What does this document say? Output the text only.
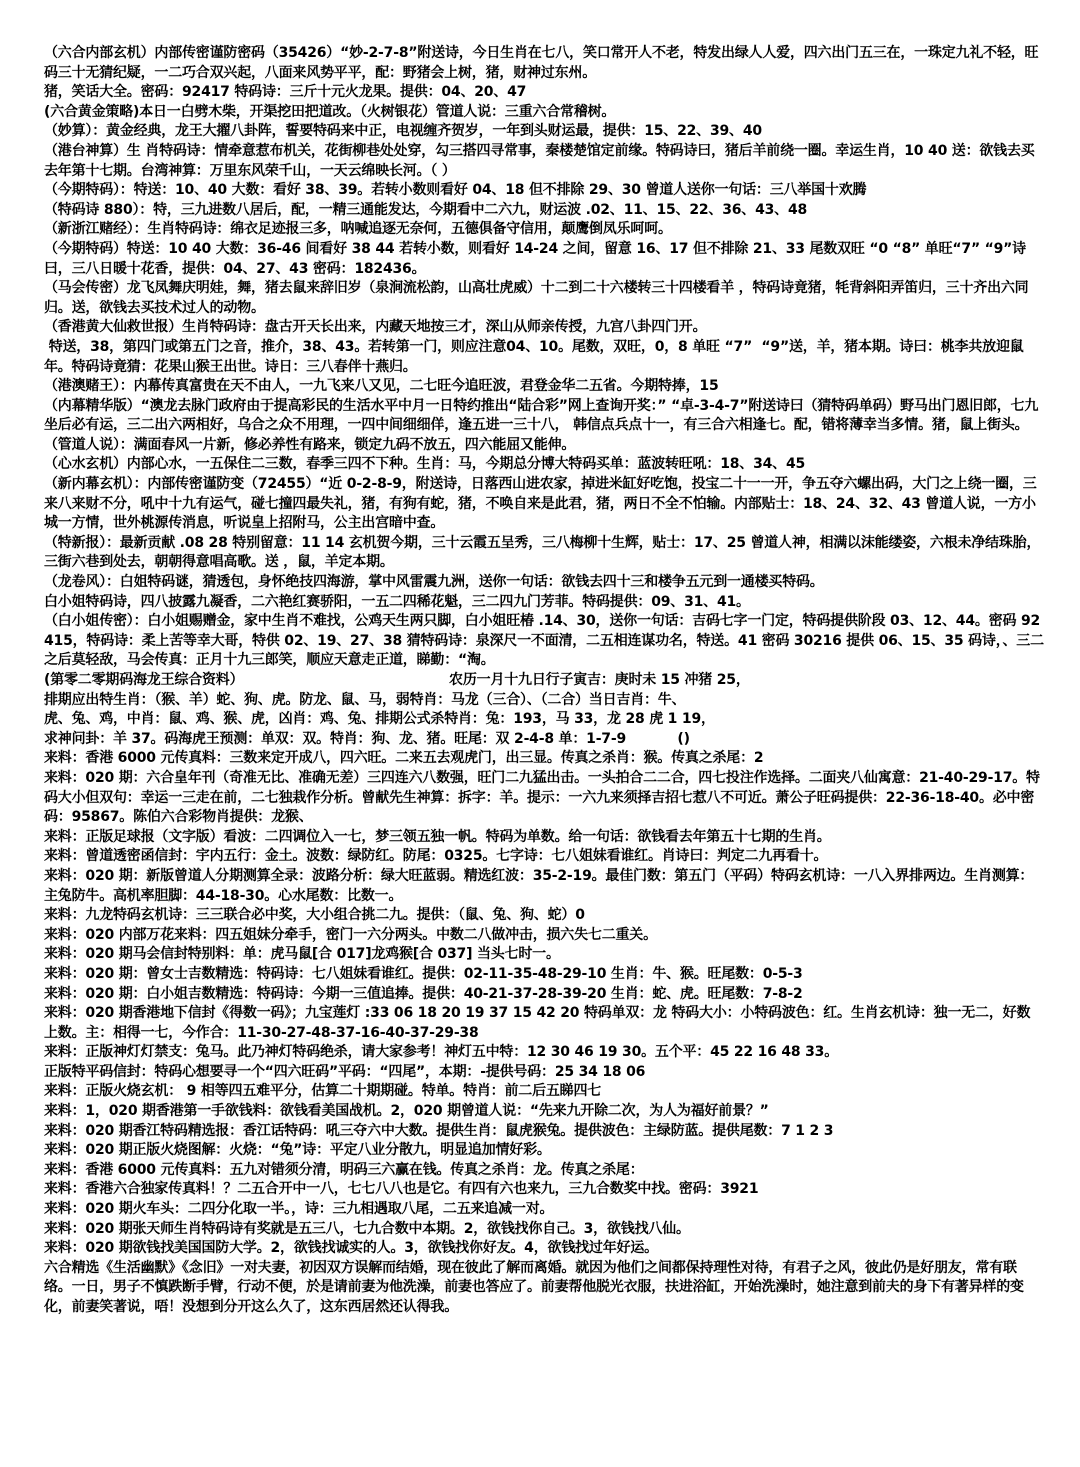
（六合内部玄机）内部传密谨防密码（35426）“妙-2-7-8”附送诗，今日生肖在七八，笑口常开人不老，特发出绿人人爱，四六出门五三在，一珠定九礼不轻，旺码三十无猜纪疑，一二巧合双兴起，八面来风势平平，配：野猪会上树，猪，财神过东州。

猪，笑话大全。密码：92417 特码诗：三斤十元火龙果。提供：04、20、47

(六合黄金策略)本日一白劈木柴，开渠挖田把道改。（火树银花）管道人说：三重六合常稽树。

（妙算）：黄金经典，龙王大擢八卦阵，誓要特码来中正，电视缠齐贺岁，一年到头财运最，提供：15、22、39、40

（港台神算）生 肖特码诗：情牵意惹布机关，花街柳巷处处穿，勾三搭四寻常事，秦楼楚馆定前缘。特码诗曰，猪后羊前绕一圈。幸运生肖，10 40 送：欲钱去买去年第十七期。台湾神算：万里东风荣千山，一天云绵映长河。（ ）

（今期特码）：特送：10、40 大数：看好 38、39。若转小数则看好 04、18 但不排除 29、30 曾道人送你一句话：三八举国十欢腾

（特码诗 880）：特，三九进数八居后，配，一精三通能发达，今期看中二六九，财运波 .02、11、15、22、36、43、48

（新浙江赌经）：生肖特码诗：绵衣足迹报三多，呐喊追逐无奈何，五德俱备守信用，颠鹰倒凤乐呵呵。

（今期特码）特送：10 40 大数：36-46 间看好 38 44 若转小数，则看好 14-24 之间，留意 16、17 但不排除 21、33 尾数双旺 “0 “8” 单旺“7” “9”诗曰，三八日暖十花香，提供：04、27、43 密码：182436。

（马会传密）龙飞凤舞庆明娃，舞，猪去鼠来辞旧岁（泉涧流松韵，山高壮虎威）十二到二十六楼转三十四楼看羊 ，特码诗竟猪，牦背斜阳弄笛归，三十齐出六同归。送，欲钱去买技术过人的动物。

（香港黄大仙救世报）生肖特码诗：盘古开天长出来，内藏天地按三才，深山从师亲传授，九宫八卦四门开。

特送，38，第四门或第五门之音，推介，38、43。若转第一门，则应注意04、10。尾数，双旺，0，8 单旺 “7”  “9”送，羊，猪本期。诗曰：桃李共放迎鼠年。特码诗竟猜：花果山猴王出世。诗日：三八春伴十燕归。

（港澳赌王）：内幕传真富贵在天不由人，一九飞来八又见，二七旺今追旺波，君登金华二五省。今期特捧，15

（内幕精华版）“澳龙去脉门政府由于提高彩民的生活水平中月一日特约推出“陆合彩”网上查询开奖：” “卓-3-4-7”附送诗曰（猜特码单码）野马出门恩旧郎，七九坐后必有运，三二出六两相好，乌合之众不用理，一四中间细细佯，逢五进一三十八， 韩信点兵点十一，有三合六相逢七。配，错将薄幸当多情。猪，鼠上街头。

（管道人说）：满面春风一片新，修必养性有路来，锁定九码不放五，四六能屈又能伸。

（心水玄机）内部心水，一五保住二三数，春季三四不下种。生肖：马，今期总分博大特码买单：蓝波转旺吼：18、34、45

（新内幕玄机）：内部传密谨防变（72455）“近 0-2-8-9，附送诗，日落西山进农家，掉进米缸好吃饱，投宝二十一一开，争五夺六螺出码，大门之上绕一圈，三来八来财不分，吼中十九有运气，碰七撞四最失礼，猪，有狗有蛇，猪，不唤自来是此君，猪，两日不全不怕输。内部贴士：18、24、32、43 曾道人说，一方小城一方情，世外桃源传消息，听说皇上招附马，公主出宫暗中查。

（特新报）：最新贡献 .08 28 特别留意：11 14 玄机贺今期，三十云霞五呈秀，三八梅柳十生辉，贴士：17、25 曾道人神，相满以沫能缕姿，六根未净结珠胎，三街六巷到处去，朝朝得意唱高歌。送 ，鼠，羊定本期。

（龙卷风）：白姐特码谜，猜透包，身怀绝技四海游，掌中风雷震九洲，送你一句话：欲钱去四十三和楼争五元到一通楼买特码。

白小姐特码诗，四八披露九凝香，二六艳红赛骄阳，一五二四稀花魁，三二四九门芳菲。特码提供：09、31、41。

（白小姐传密）：白小姐赐赠金，家中生肖不难找，公鸡天生两只脚，白小姐旺椿 .14、30，送你一句话：吉码七字一门定，特码提供阶段 03、12、44。密码 92415，特码诗：柔上苦等幸大哥，特供 02、19、27、38 猜特码诗：泉深尺一不面清，二五相连谋功名，特送。41 密码 30216 提供 06、15、35 码诗，、三二之后莫轻敌，马会传真：正月十九三郎笑，顺应天意走正道，睇勤：“淘。

(第零二零期码海龙王综合资料）                                            农历一月十九日行子寅吉：庚时未 15 冲猪 25，

排期应出特生肖：（猴、羊）蛇、狗、虎。防龙、鼠、马，弱特肖：马龙（三合）、（二合）当日吉肖：牛、

虎、兔、鸡，中肖：鼠、鸡、猴、虎，凶肖：鸡、兔、排期公式杀特肖：兔：193，马 33，龙 28 虎 1 19，

求神问卦：羊 37。码海虎王预测：单双：双。特肖：狗、龙、猪。旺尾：双 2-4-8 单：1-7-9           ()

来料：香港 6000 元传真料：三数来定开成八，四六旺。二来五去观虎门，出三显。传真之杀肖：猴。传真之杀尾：2

来料：020 期：六合皇年刊（奇准无比、准确无差）三四连六八数强，旺门二九猛出击。一头拍合二二合，四七投注作选择。二面夹八仙寓意：21-40-29-17。特码大小但双句：幸运一三走在前，二七独栽作分析。曾献先生神算：拆字：羊。提示：一六九来须择吉招七惹八不可近。萧公子旺码提供：22-36-18-40。必中密码：95867。陈伯六合彩物肖提供：龙猴、

来料：正版足球报（文字版）看波：二四调位入一七，梦三领五独一帆。特码为单数。给一句话：欲钱看去年第五十七期的生肖。

来料：曾道透密函信封：宇内五行：金土。波数：绿防红。防尾：0325。七字诗：七八姐妹看谁红。肖诗曰：判定二九再看十。

来料：020 期：新版曾道人分期测算全录：波路分析：绿大旺蓝弱。精选红波：35-2-19。最佳门数：第五门（平码）特码玄机诗：一八入界排两边。生肖测算：主兔防牛。高机率胆脚：44-18-30。心水尾数：比数一。

来料：九龙特码玄机诗：三三联合必中奖，大小组合挑二九。提供：（鼠、兔、狗、蛇）0

来料：020 内部万花来料：四五姐妹分牵手，密门一六分两头。中数二八做冲击，损六失七二重关。

来料：020 期马会信封特别料：单：虎马鼠[合 017]龙鸡猴[合 037] 当头七时一。

来料：020 期：曾女士吉数精选：特码诗：七八姐妹看谁红。提供：02-11-35-48-29-10 生肖：牛、猴。旺尾数：0-5-3

来料：020 期：白小姐吉数精选：特码诗：今期一三值追捧。提供：40-21-37-28-39-20 生肖：蛇、虎。旺尾数：7-8-2

来料：020 期香港地下信封《得数一码》；九宝莲灯 :33 06 18 20 19 37 15 42 20 特码单双：龙 特码大小：小特码波色：红。生肖玄机诗：独一无二，好数上数。主：相得一七，今作合：11-30-27-48-37-16-40-37-29-38

来料：正版神灯灯禁支：兔马。此乃神灯特码绝杀，请大家参考！神灯五中特：12 30 46 19 30。五个平：45 22 16 48 33。

正版特平码信封：特码心想要寻一个“四六旺码”平码：“四尾”，本期：-提供号码：25 34 18 06

来料：正版火烧玄机： 9 相等四五难平分，估算二十期期碰。特单。特肖：前二后五睇四七

来料：1，020 期香港第一手欲钱料：欲钱看美国战机。2，020 期曾道人说：“先来九开除二次，为人为福好前景？”

来料：020 期香江特码精选报：香江话特码：吼三夺六中大数。提供生肖：鼠虎猴兔。提供波色：主绿防蓝。提供尾数：7 1 2 3

来料：020 期正版火烧图解：火烧：“兔”诗：平定八业分散九，明显追加情好彩。

来料：香港 6000 元传真料：五九对错须分清，明码三六赢在钱。传真之杀肖：龙。传真之杀尾：

来料：香港六合独家传真料！？二五合开中一八，七七八八也是它。有四有六也来九，三九合数奖中找。密码：3921

来料：020 期火车头：二四分化取一半。，诗：三九相遇取八尾，二五来追减一对。

来料：020 期张天师生肖特码诗有奖就是五三八，七九合数中本期。2，欲钱找你自己。3，欲钱找八仙。

来料：020 期欲钱找美国国防大学。2，欲钱找诚实的人。3，欲钱找你好友。4，欲钱找过年好运。

六合精选《生活幽默》《念旧》一对夫妻，初因双方误解而结婚，现在彼此了解而离婚。就因为他们之间都保持理性对待，有君子之风，彼此仍是好朋友，常有联络。一日，男子不慎跌断手臂，行动不便，於是请前妻为他洗澡，前妻也答应了。前妻帮他脱光衣服，扶进浴缸，开始洗澡时，她注意到前夫的身下有著异样的变化，前妻笑著说，唔！没想到分开这么久了，这东西居然还认得我。
